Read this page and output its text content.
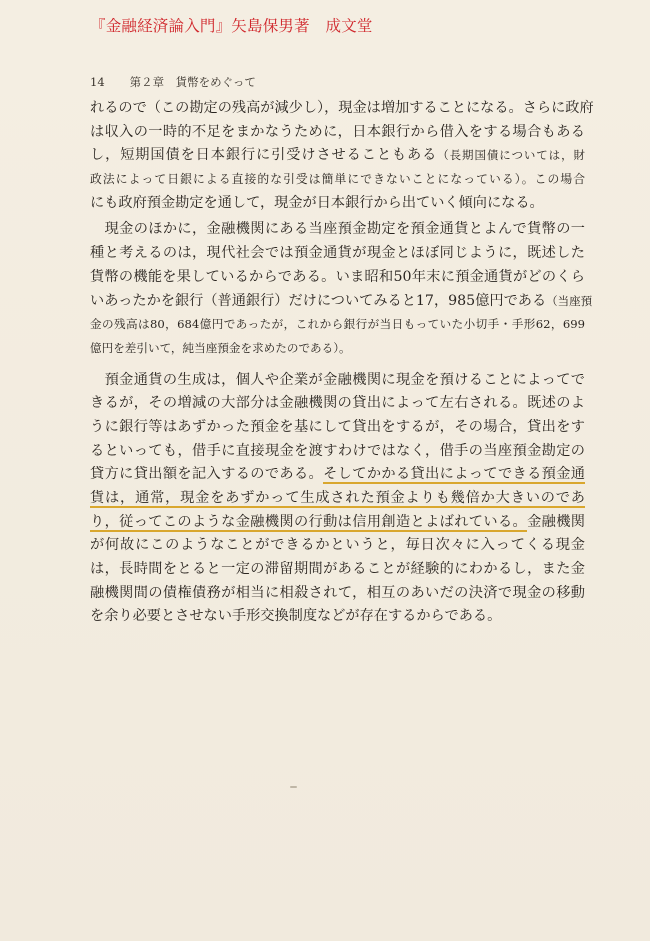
『金融経済論入門』矢島保男著　成文堂
14 第２章　貨幣をめぐって
れるので（この勘定の残高が減少し），現金は増加することになる。さらに政府
は収入の一時的不足をまかなうために，日本銀行から借入をする場合もある
し，短期国債を日本銀行に引受けさせることもある（長期国債については，財
政法によって日銀による直接的な引受は簡単にできないことになっている）。この場合
にも政府預金勘定を通して，現金が日本銀行から出ていく傾向になる。
　現金のほかに，金融機関にある当座預金勘定を預金通貨とよんで貨幣の一
種と考えるのは，現代社会では預金通貨が現金とほぼ同じように，既述した
貨幣の機能を果しているからである。いま昭和50年末に預金通貨がどのくら
いあったかを銀行（普通銀行）だけについてみると17，985億円である（当座預
金の残高は80，684億円であったが，これから銀行が当日もっていた小切手・手形62，699
億円を差引いて，純当座預金を求めたのである）。
　預金通貨の生成は，個人や企業が金融機関に現金を預けることによってで
きるが，その増減の大部分は金融機関の貸出によって左右される。既述のよ
うに銀行等はあずかった預金を基にして貸出をするが，その場合，貸出をす
るといっても，借手に直接現金を渡すわけではなく，借手の当座預金勘定の
貸方に貸出額を記入するのである。そしてかかる貸出によってできる預金通
貨は，通常，現金をあずかって生成された預金よりも幾倍か大きいのであ
り，従ってこのような金融機関の行動は信用創造とよばれている。金融機関
が何故にこのようなことができるかというと，毎日次々に入ってくる現金
は，長時間をとると一定の滞留期間があることが経験的にわかるし，また金
融機関間の債権債務が相当に相殺されて，相互のあいだの決済で現金の移動
を余り必要とさせない手形交換制度などが存在するからである。
